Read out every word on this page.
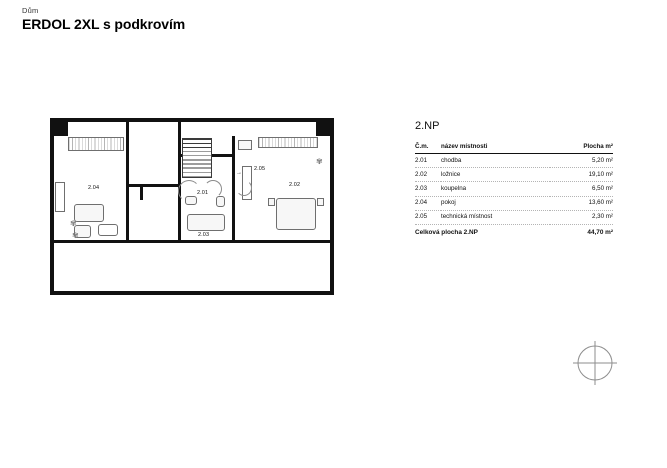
Dům
ERDOL 2XL s podkrovím
✾
✾
✾
→
2.04
2.01
2.05
2.02
2.03
2.NP
Č.m.	název místnosti	Plocha m²
2.01	chodba	5,20 m²
2.02	ložnice	19,10 m²
2.03	koupelna	6,50 m²
2.04	pokoj	13,60 m²
2.05	technická místnost	2,30 m²
Celková plocha 2.NP		44,70 m²
